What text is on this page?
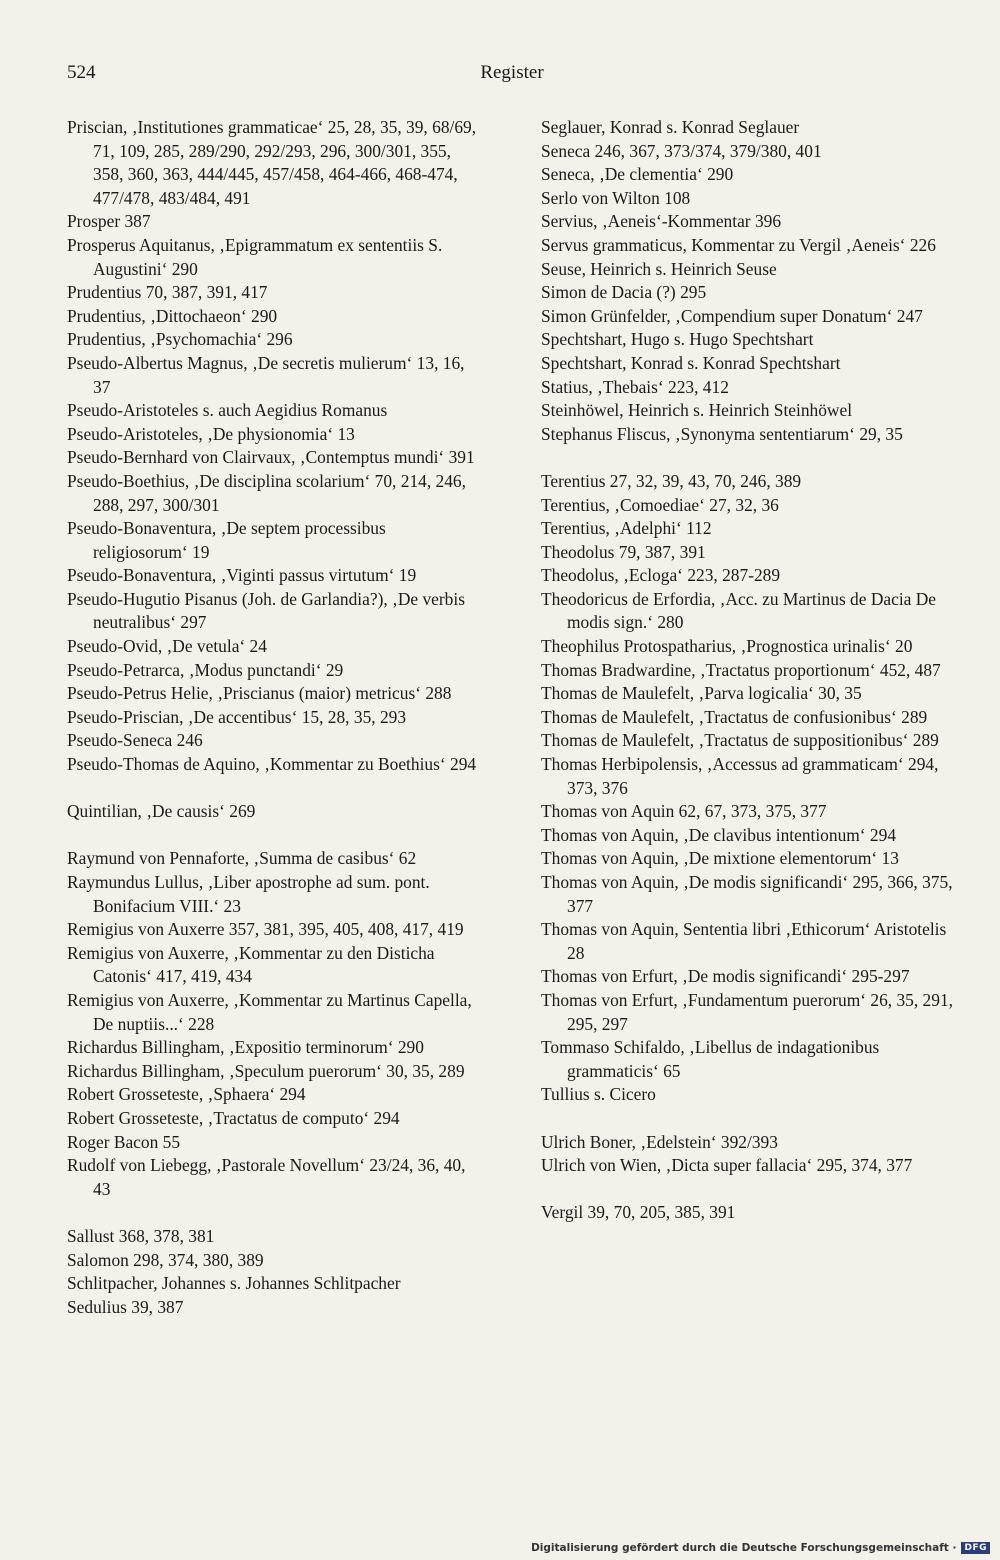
524	Register
Priscian, ‚Institutiones grammaticae‘ 25, 28, 35, 39, 68/69, 71, 109, 285, 289/290, 292/293, 296, 300/301, 355, 358, 360, 363, 444/445, 457/458, 464-466, 468-474, 477/478, 483/484, 491
Prosper 387
Prosperus Aquitanus, ‚Epigrammatum ex sententiis S. Augustini‘ 290
Prudentius 70, 387, 391, 417
Prudentius, ‚Dittochaeon‘ 290
Prudentius, ‚Psychomachia‘ 296
Pseudo-Albertus Magnus, ‚De secretis mulierum‘ 13, 16, 37
Pseudo-Aristoteles s. auch Aegidius Romanus
Pseudo-Aristoteles, ‚De physionomia‘ 13
Pseudo-Bernhard von Clairvaux, ‚Contemptus mundi‘ 391
Pseudo-Boethius, ‚De disciplina scolarium‘ 70, 214, 246, 288, 297, 300/301
Pseudo-Bonaventura, ‚De septem processibus religiosorum‘ 19
Pseudo-Bonaventura, ‚Viginti passus virtutum‘ 19
Pseudo-Hugutio Pisanus (Joh. de Garlandia?), ‚De verbis neutralibus‘ 297
Pseudo-Ovid, ‚De vetula‘ 24
Pseudo-Petrarca, ‚Modus punctandi‘ 29
Pseudo-Petrus Helie, ‚Priscianus (maior) metricus‘ 288
Pseudo-Priscian, ‚De accentibus‘ 15, 28, 35, 293
Pseudo-Seneca 246
Pseudo-Thomas de Aquino, ‚Kommentar zu Boethius‘ 294
Quintilian, ‚De causis‘ 269
Raymund von Pennaforte, ‚Summa de casibus‘ 62
Raymundus Lullus, ‚Liber apostrophe ad sum. pont. Bonifacium VIII.‘ 23
Remigius von Auxerre 357, 381, 395, 405, 408, 417, 419
Remigius von Auxerre, ‚Kommentar zu den Disticha Catonis‘ 417, 419, 434
Remigius von Auxerre, ‚Kommentar zu Martinus Capella, De nuptiis...‘ 228
Richardus Billingham, ‚Expositio terminorum‘ 290
Richardus Billingham, ‚Speculum puerorum‘ 30, 35, 289
Robert Grosseteste, ‚Sphaera‘ 294
Robert Grosseteste, ‚Tractatus de computo‘ 294
Roger Bacon 55
Rudolf von Liebegg, ‚Pastorale Novellum‘ 23/24, 36, 40, 43
Sallust 368, 378, 381
Salomon 298, 374, 380, 389
Schlitpacher, Johannes s. Johannes Schlitpacher
Sedulius 39, 387
Seglauer, Konrad s. Konrad Seglauer
Seneca 246, 367, 373/374, 379/380, 401
Seneca, ‚De clementia‘ 290
Serlo von Wilton 108
Servius, ‚Aeneis‘-Kommentar 396
Servus grammaticus, Kommentar zu Vergil ‚Aeneis‘ 226
Seuse, Heinrich s. Heinrich Seuse
Simon de Dacia (?) 295
Simon Grünfelder, ‚Compendium super Donatum‘ 247
Spechtshart, Hugo s. Hugo Spechtshart
Spechtshart, Konrad s. Konrad Spechtshart
Statius, ‚Thebais‘ 223, 412
Steinhöwel, Heinrich s. Heinrich Steinhöwel
Stephanus Fliscus, ‚Synonyma sententiarum‘ 29, 35
Terentius 27, 32, 39, 43, 70, 246, 389
Terentius, ‚Comoediae‘ 27, 32, 36
Terentius, ‚Adelphi‘ 112
Theodolus 79, 387, 391
Theodolus, ‚Ecloga‘ 223, 287-289
Theodoricus de Erfordia, ‚Acc. zu Martinus de Dacia De modis sign.‘ 280
Theophilus Protospatharius, ‚Prognostica urinalis‘ 20
Thomas Bradwardine, ‚Tractatus proportionum‘ 452, 487
Thomas de Maulefelt, ‚Parva logicalia‘ 30, 35
Thomas de Maulefelt, ‚Tractatus de confusionibus‘ 289
Thomas de Maulefelt, ‚Tractatus de suppositionibus‘ 289
Thomas Herbipolensis, ‚Accessus ad grammaticam‘ 294, 373, 376
Thomas von Aquin 62, 67, 373, 375, 377
Thomas von Aquin, ‚De clavibus intentionum‘ 294
Thomas von Aquin, ‚De mixtione elementorum‘ 13
Thomas von Aquin, ‚De modis significandi‘ 295, 366, 375, 377
Thomas von Aquin, Sententia libri ‚Ethicorum‘ Aristotelis 28
Thomas von Erfurt, ‚De modis significandi‘ 295-297
Thomas von Erfurt, ‚Fundamentum puerorum‘ 26, 35, 291, 295, 297
Tommaso Schifaldo, ‚Libellus de indagationibus grammaticis‘ 65
Tullius s. Cicero
Ulrich Boner, ‚Edelstein‘ 392/393
Ulrich von Wien, ‚Dicta super fallacia‘ 295, 374, 377
Vergil 39, 70, 205, 385, 391
Digitalisierung gefördert durch die Deutsche Forschungsgemeinschaft · DFG
